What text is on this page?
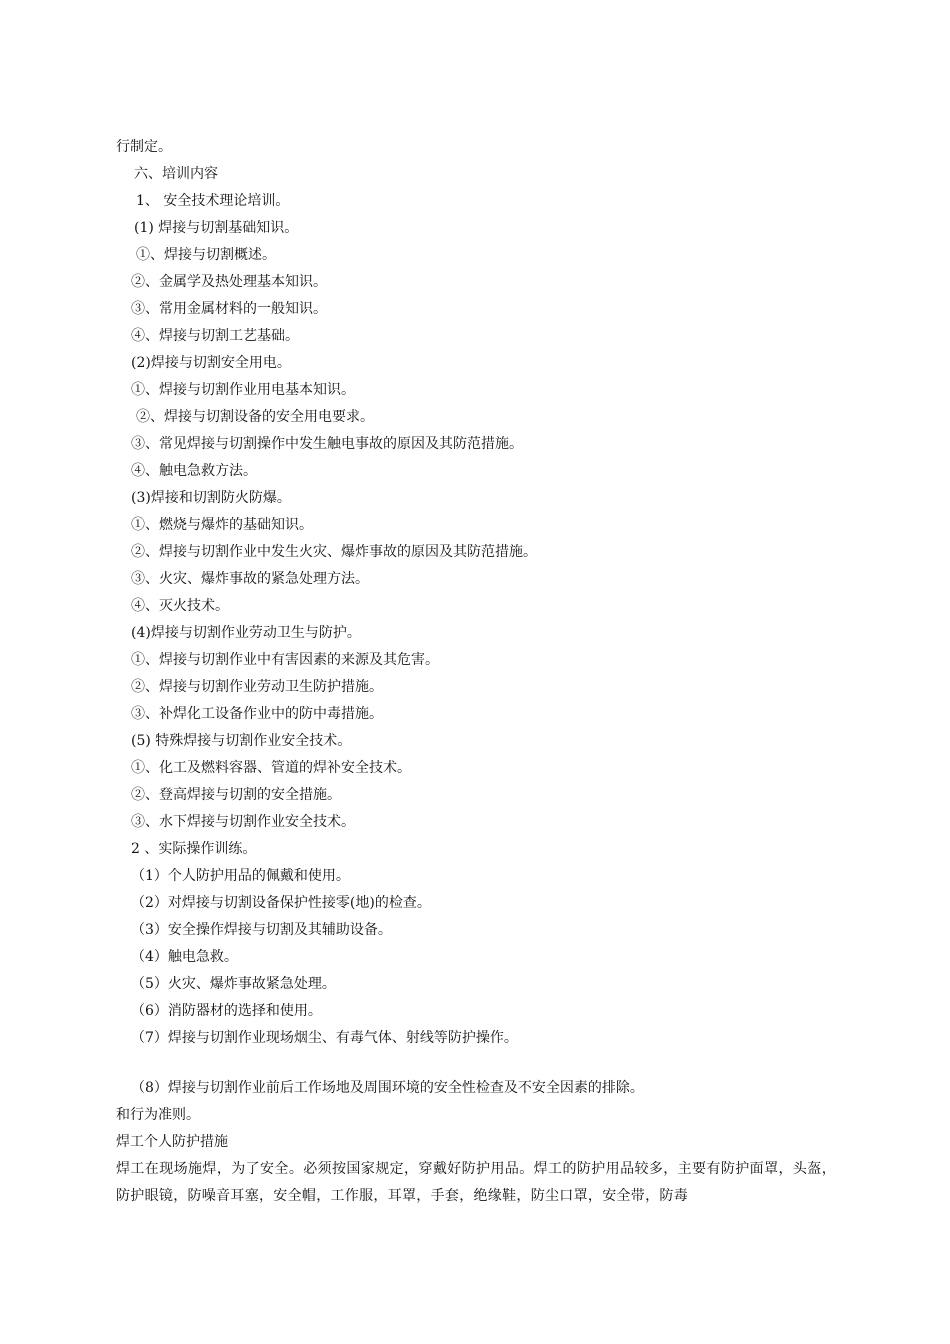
行制定。
六、培训内容
1、 安全技术理论培训。
(1) 焊接与切割基础知识。
①、焊接与切割概述。
②、金属学及热处理基本知识。
③、常用金属材料的一般知识。
④、焊接与切割工艺基础。
(2)焊接与切割安全用电。
①、焊接与切割作业用电基本知识。
②、焊接与切割设备的安全用电要求。
③、常见焊接与切割操作中发生触电事故的原因及其防范措施。
④、触电急救方法。
(3)焊接和切割防火防爆。
①、燃烧与爆炸的基础知识。
②、焊接与切割作业中发生火灾、爆炸事故的原因及其防范措施。
③、火灾、爆炸事故的紧急处理方法。
④、灭火技术。
(4)焊接与切割作业劳动卫生与防护。
①、焊接与切割作业中有害因素的来源及其危害。
②、焊接与切割作业劳动卫生防护措施。
③、补焊化工设备作业中的防中毒措施。
(5) 特殊焊接与切割作业安全技术。
①、化工及燃料容器、管道的焊补安全技术。
②、登高焊接与切割的安全措施。
③、水下焊接与切割作业安全技术。
2 、实际操作训练。
（1）个人防护用品的佩戴和使用。
（2）对焊接与切割设备保护性接零(地)的检查。
（3）安全操作焊接与切割及其辅助设备。
（4）触电急救。
（5）火灾、爆炸事故紧急处理。
（6）消防器材的选择和使用。
（7）焊接与切割作业现场烟尘、有毒气体、射线等防护操作。
（8）焊接与切割作业前后工作场地及周围环境的安全性检查及不安全因素的排除。
和行为准则。
焊工个人防护措施
焊工在现场施焊，为了安全。必须按国家规定，穿戴好防护用品。焊工的防护用品较多，主要有防护面罩，头盔，防护眼镜，防噪音耳塞，安全帽，工作服，耳罩，手套，绝缘鞋，防尘口罩，安全带，防毒
